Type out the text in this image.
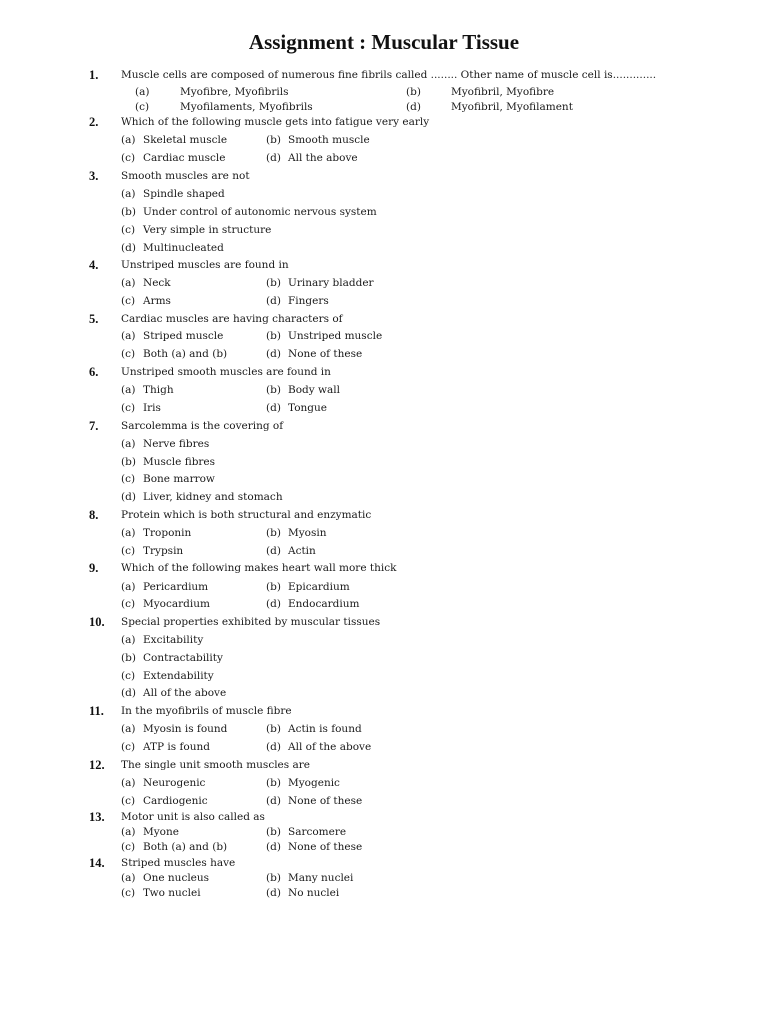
Assignment : Muscular Tissue
1. Muscle cells are composed of numerous fine fibrils called ........ Other name of muscle cell is.............
(a)	Myofibre, Myofibrils	(b)	Myofibril, Myofibre
(c)	Myofilaments, Myofibrils	(d)	Myofibril, Myofilament
2. Which of the following muscle gets into fatigue very early
(a) Skeletal muscle	(b) Smooth muscle
(c) Cardiac muscle	(d) All the above
3. Smooth muscles are not
(a) Spindle shaped
(b) Under control of autonomic nervous system
(c) Very simple in structure
(d) Multinucleated
4. Unstriped muscles are found in
(a) Neck	(b) Urinary bladder
(c) Arms	(d) Fingers
5. Cardiac muscles are having characters of
(a) Striped muscle	(b) Unstriped muscle
(c) Both (a) and (b)	(d) None of these
6. Unstriped smooth muscles are found in
(a) Thigh	(b) Body wall
(c) Iris	(d) Tongue
7. Sarcolemma is the covering of
(a) Nerve fibres
(b) Muscle fibres
(c) Bone marrow
(d) Liver, kidney and stomach
8. Protein which is both structural and enzymatic
(a) Troponin	(b) Myosin
(c) Trypsin	(d) Actin
9. Which of the following makes heart wall more thick
(a) Pericardium	(b) Epicardium
(c) Myocardium	(d) Endocardium
10. Special properties exhibited by muscular tissues
(a) Excitability
(b) Contractability
(c) Extendability
(d) All of the above
11. In the myofibrils of muscle fibre
(a) Myosin is found	(b) Actin is found
(c) ATP is found	(d) All of the above
12. The single unit smooth muscles are
(a) Neurogenic	(b) Myogenic
(c) Cardiogenic	(d) None of these
13. Motor unit is also called as
(a) Myone	(b) Sarcomere
(c) Both (a) and (b)	(d) None of these
14. Striped muscles have
(a) One nucleus	(b) Many nuclei
(c) Two nuclei	(d) No nuclei
